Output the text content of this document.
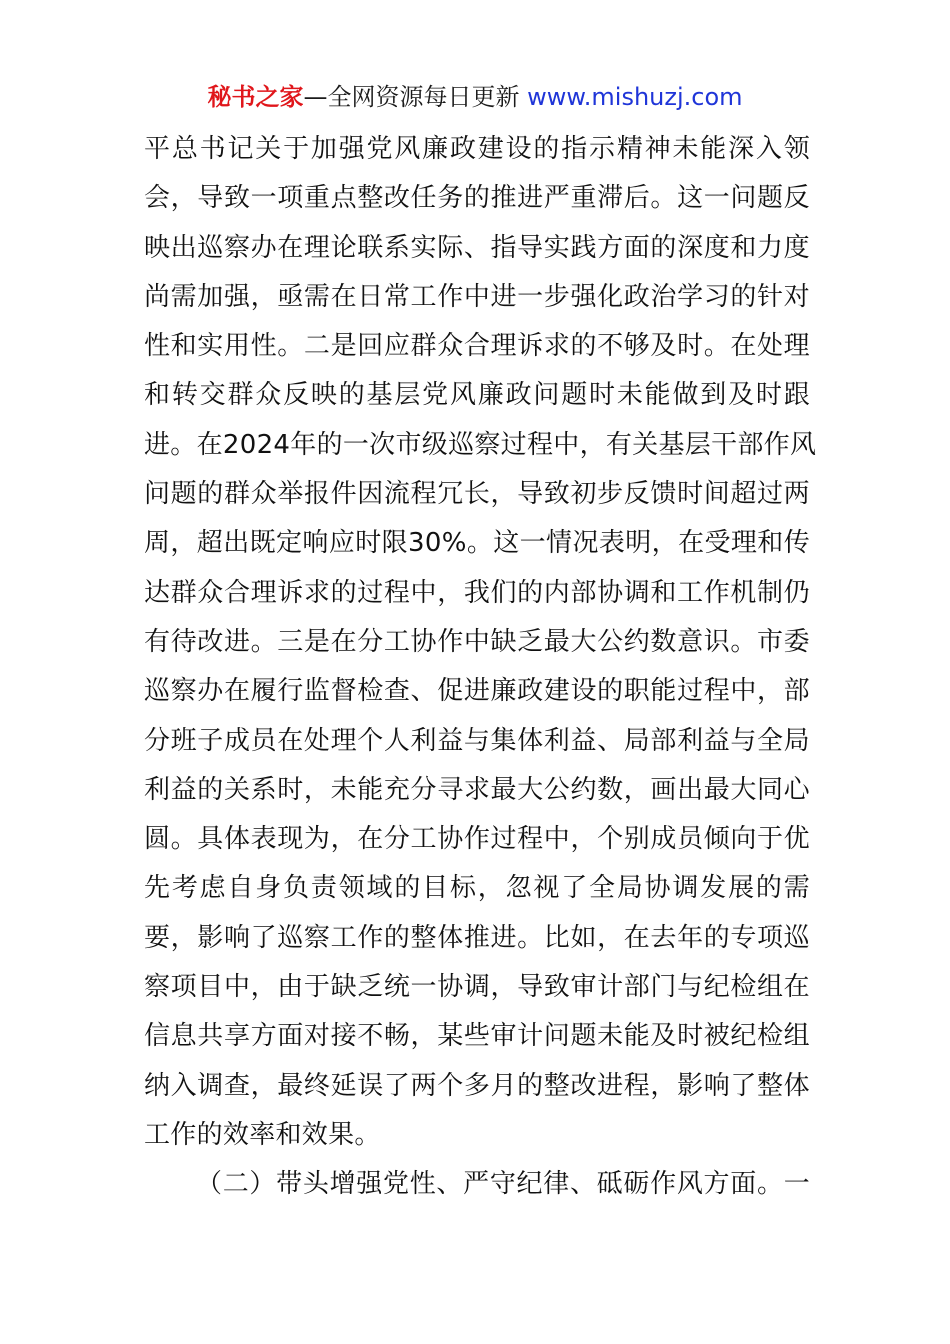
秘书之家—全网资源每日更新 www.mishuzj.com
平总书记关于加强党风廉政建设的指示精神未能深入领
会，导致一项重点整改任务的推进严重滞后。这一问题反
映出巡察办在理论联系实际、指导实践方面的深度和力度
尚需加强，亟需在日常工作中进一步强化政治学习的针对
性和实用性。二是回应群众合理诉求的不够及时。在处理
和转交群众反映的基层党风廉政问题时未能做到及时跟
进。在2024年的一次市级巡察过程中，有关基层干部作风
问题的群众举报件因流程冗长，导致初步反馈时间超过两
周，超出既定响应时限30%。这一情况表明，在受理和传
达群众合理诉求的过程中，我们的内部协调和工作机制仍
有待改进。三是在分工协作中缺乏最大公约数意识。市委
巡察办在履行监督检查、促进廉政建设的职能过程中，部
分班子成员在处理个人利益与集体利益、局部利益与全局
利益的关系时，未能充分寻求最大公约数，画出最大同心
圆。具体表现为，在分工协作过程中，个别成员倾向于优
先考虑自身负责领域的目标，忽视了全局协调发展的需
要，影响了巡察工作的整体推进。比如，在去年的专项巡
察项目中，由于缺乏统一协调，导致审计部门与纪检组在
信息共享方面对接不畅，某些审计问题未能及时被纪检组
纳入调查，最终延误了两个多月的整改进程，影响了整体
工作的效率和效果。
（二）带头增强党性、严守纪律、砥砺作风方面。一
